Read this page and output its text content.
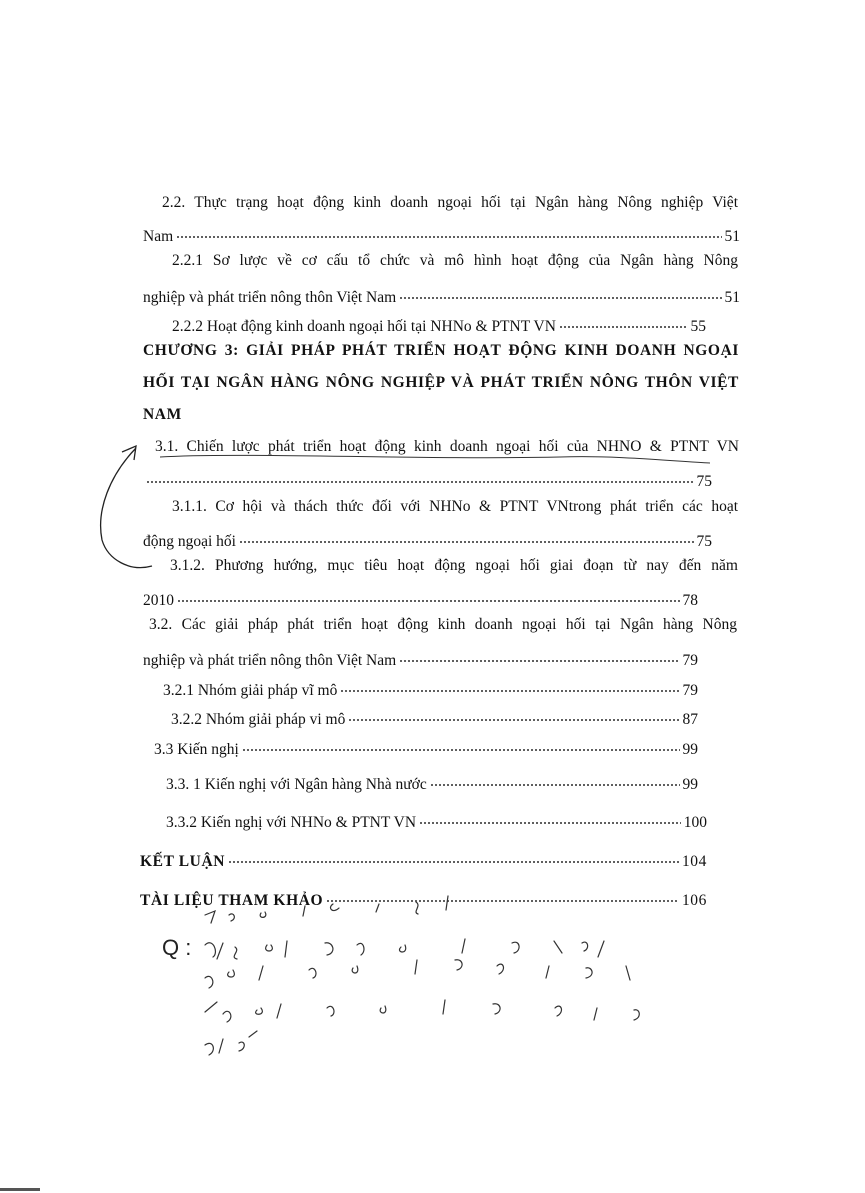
2.2. Thực trạng hoạt động kinh doanh ngoại hối tại Ngân hàng Nông nghiệp Việt
Nam	51
2.2.1 Sơ lược về cơ cấu tổ chức và mô hình hoạt động của Ngân hàng Nông
nghiệp và phát triển nông thôn Việt Nam	51
2.2.2 Hoạt động kinh doanh ngoại hối tại NHNo & PTNT VN	55
CHƯƠNG 3: GIẢI PHÁP PHÁT TRIỂN HOẠT ĐỘNG KINH DOANH NGOẠI
HỐI TẠI NGÂN HÀNG NÔNG NGHIỆP VÀ PHÁT TRIỂN NÔNG THÔN VIỆT
NAM
3.1. Chiến lược phát triển hoạt động kinh doanh ngoại hối của NHNO & PTNT VN
75
3.1.1. Cơ hội và thách thức đối với NHNo & PTNT VNtrong phát triển các hoạt
động ngoại hối	75
3.1.2. Phương hướng, mục tiêu hoạt động ngoại hối giai đoạn từ nay đến năm
2010	78
3.2. Các giải pháp phát triển hoạt động kinh doanh ngoại hối tại Ngân hàng Nông
nghiệp và phát triển nông thôn Việt Nam	79
3.2.1 Nhóm giải pháp vĩ mô	79
3.2.2 Nhóm giải pháp vi mô	87
3.3 Kiến nghị	99
3.3. 1 Kiến nghị với Ngân hàng Nhà nước	99
3.3.2 Kiến nghị với NHNo & PTNT VN	100
KẾT LUẬN	104
TÀI LIỆU THAM KHẢO	106
Q :
